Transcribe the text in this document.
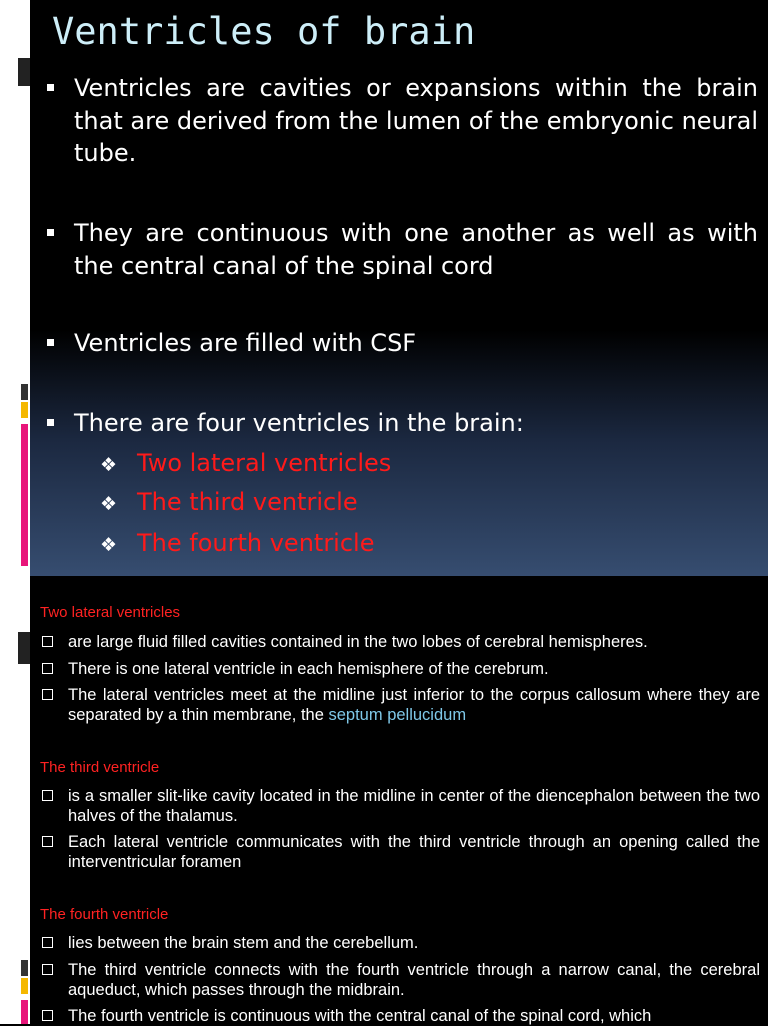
Ventricles of brain
Ventricles are cavities or expansions within the brain that are derived from the lumen of the embryonic neural tube.
They are continuous with one another as well as with the central canal of the spinal cord
Ventricles are filled with CSF
There are four ventricles in the brain:
❖ Two lateral ventricles
❖ The third ventricle
❖ The fourth ventricle
Two lateral ventricles
are large fluid filled cavities contained in the two lobes of cerebral hemispheres.
There is one lateral ventricle in each hemisphere of the cerebrum.
The lateral ventricles meet at the midline just inferior to the corpus callosum where they are separated by a thin membrane, the septum pellucidum
The third ventricle
is a smaller slit-like cavity located in the midline in center of the diencephalon between the two halves of the thalamus.
Each lateral ventricle communicates with the third ventricle through an opening called the interventricular foramen
The fourth ventricle
lies between the brain stem and the cerebellum.
The third ventricle connects with the fourth ventricle through a narrow canal, the cerebral aqueduct, which passes through the midbrain.
The fourth ventricle is continuous with the central canal of the spinal cord, which
